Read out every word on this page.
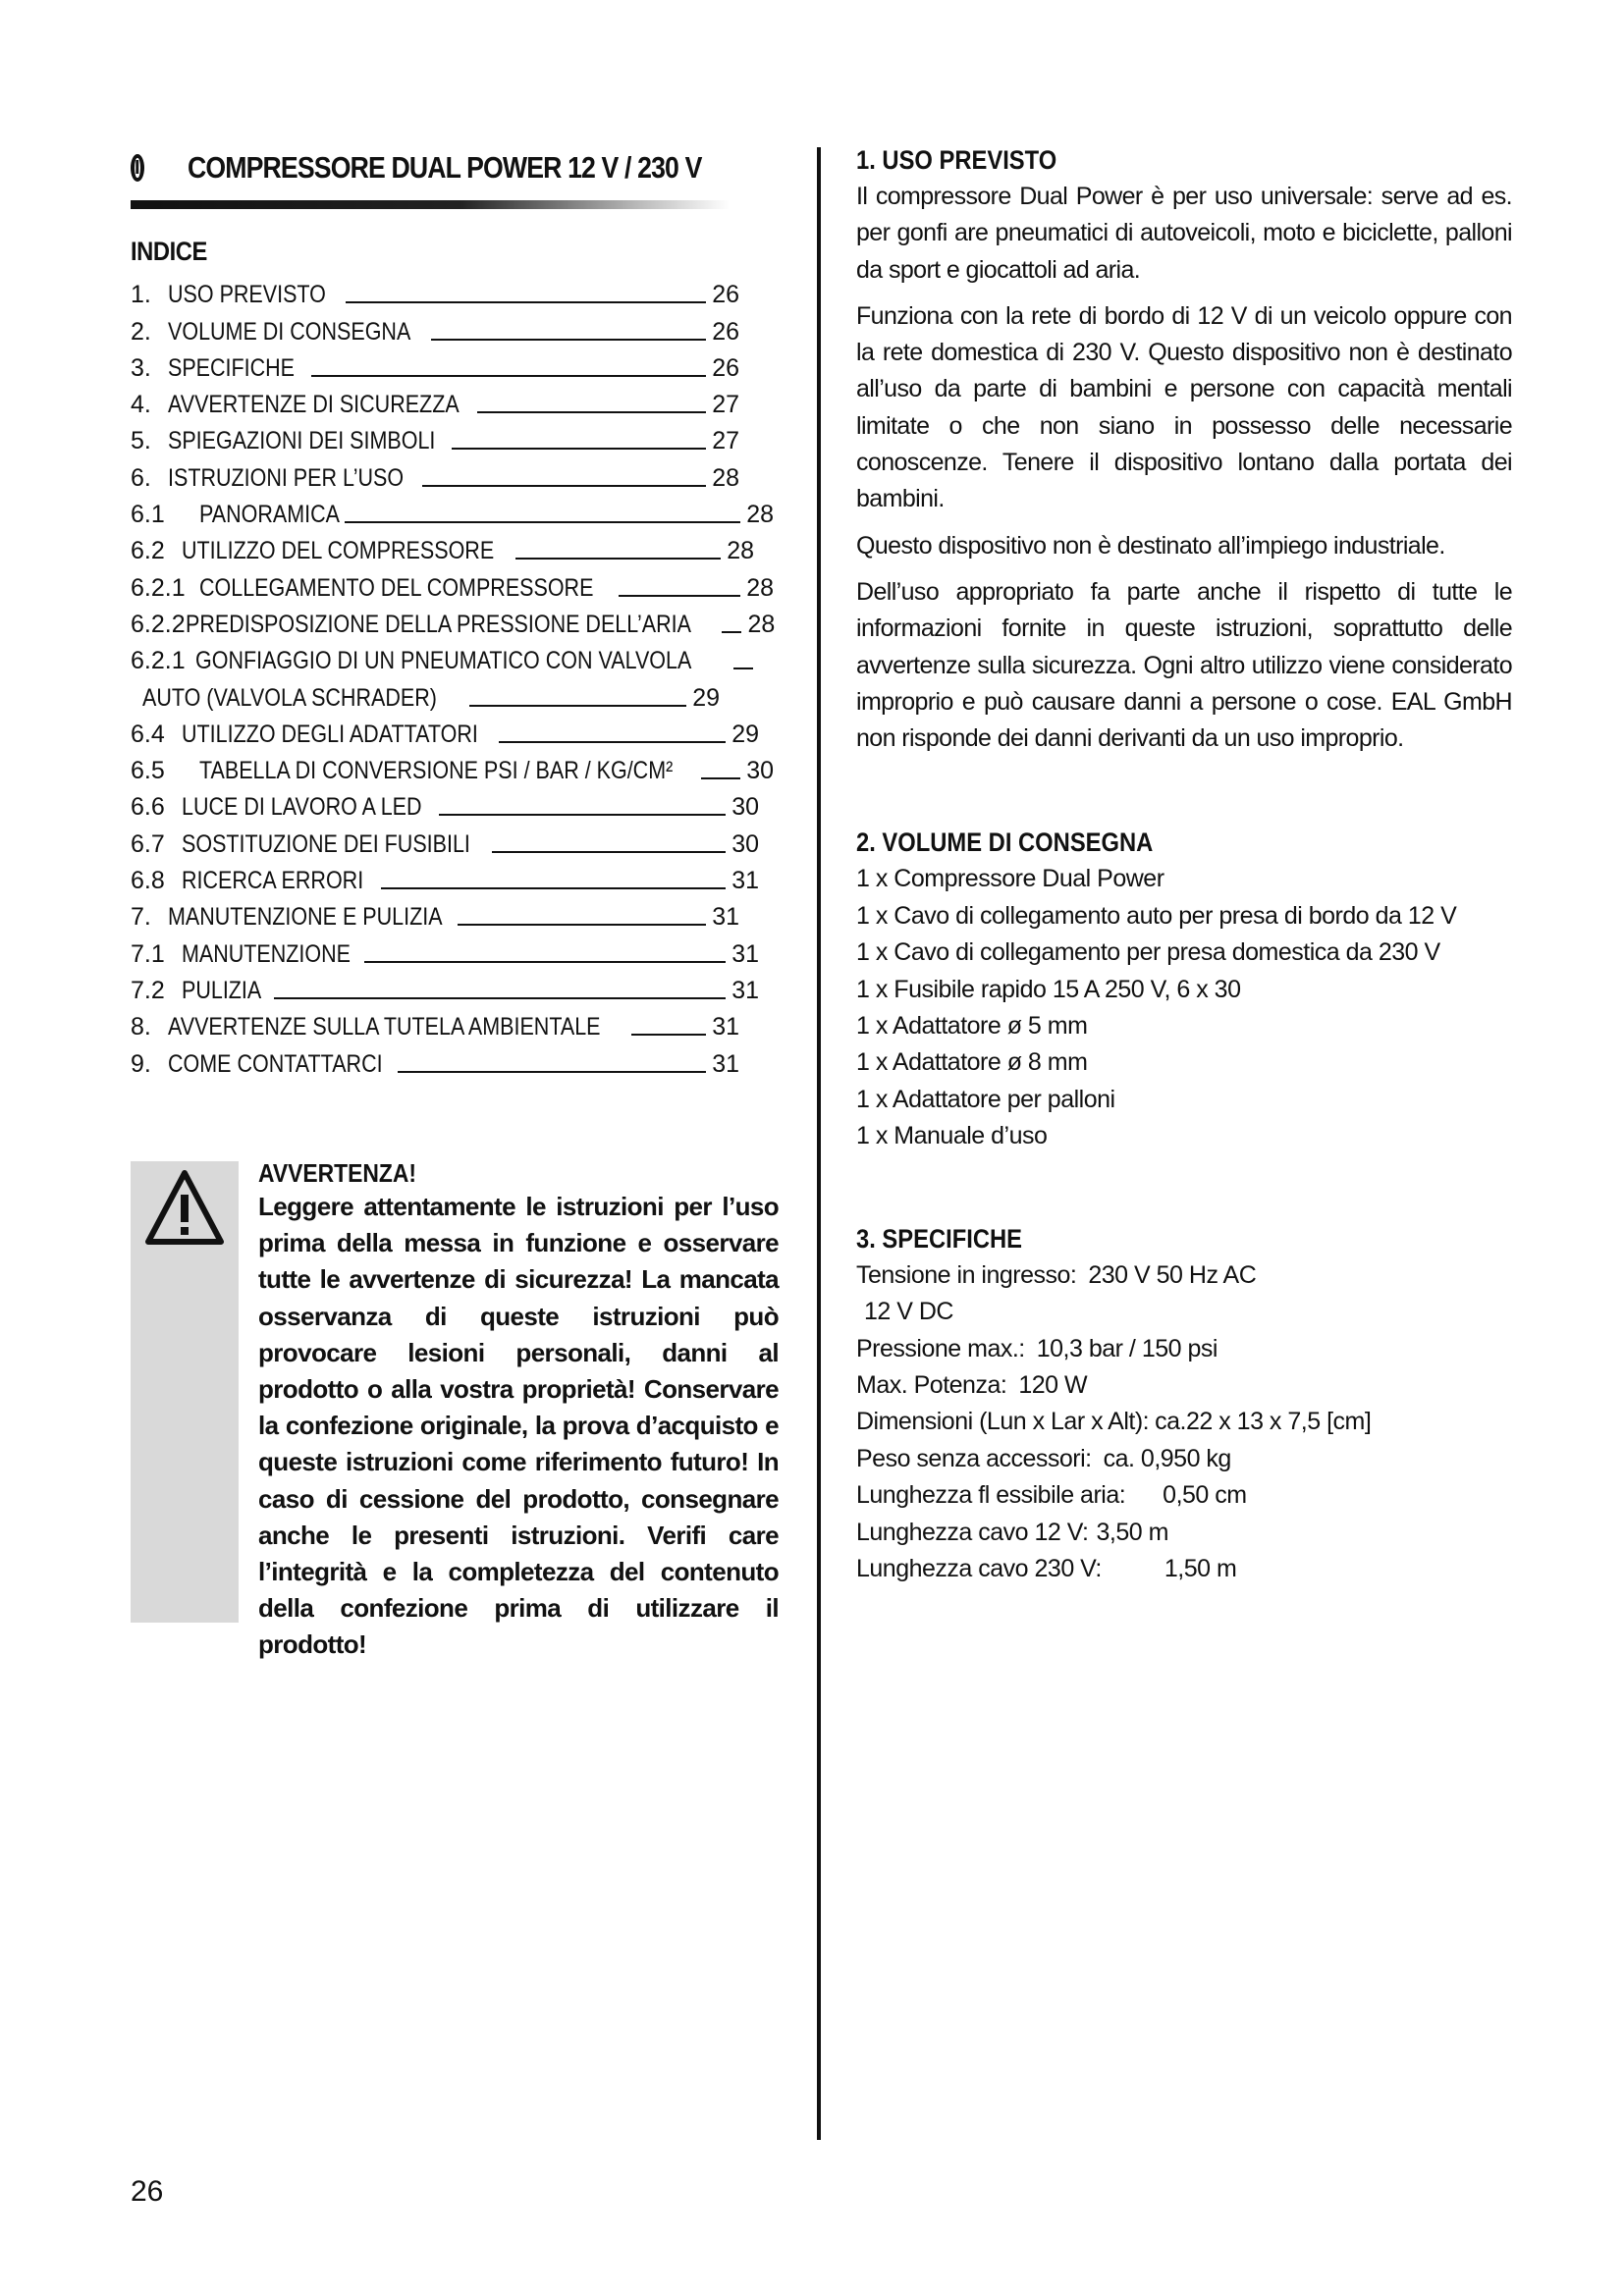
I COMPRESSORE DUAL POWER 12 V / 230 V
INDICE
1. USO PREVISTO	26
2. VOLUME DI CONSEGNA	26
3. SPECIFICHE	26
4. AVVERTENZE DI SICUREZZA	27
5. SPIEGAZIONI DEI SIMBOLI	27
6. ISTRUZIONI PER L’USO	28
6.1	PANORAMICA	28
6.2 UTILIZZO DEL COMPRESSORE	28
6.2.1 COLLEGAMENTO DEL COMPRESSORE	28
6.2.2 PREDISPOSIZIONE DELLA PRESSIONE DELL’ARIA 28
6.2.1 GONFIAGGIO DI UN PNEUMATICO CON VALVOLA
AUTO (VALVOLA SCHRADER)	29
6.4 UTILIZZO DEGLI ADATTATORI	29
6.5	TABELLA DI CONVERSIONE PSI / BAR / KG/CM²	30
6.6 LUCE DI LAVORO A LED	30
6.7 SOSTITUZIONE DEI FUSIBILI	30
6.8 RICERCA ERRORI	31
7. MANUTENZIONE E PULIZIA	31
7.1 MANUTENZIONE	31
7.2 PULIZIA	31
8. AVVERTENZE SULLA TUTELA AMBIENTALE	31
9. COME CONTATTARCI	31
AVVERTENZA!
Leggere attentamente le istruzioni per l’uso prima della messa in funzione e osservare tutte le avvertenze di sicurezza! La mancata osservanza di queste istruzioni può provocare lesioni personali, danni al prodotto o alla vostra proprietà! Conservare la confezione originale, la prova d’acquisto e queste istruzioni come riferimento futuro! In caso di cessione del prodotto, consegnare anche le presenti istruzioni. Verifi care l’integrità e la completezza del contenuto della confezione prima di utilizzare il prodotto!
1. USO PREVISTO

Il compressore Dual Power è per uso universale: serve ad es. per gonfi are pneumatici di autoveicoli, moto e biciclette, palloni da sport e giocattoli ad aria.

Funziona con la rete di bordo di 12 V di un veicolo oppure con la rete domestica di 230 V. Questo dispositivo non è destinato all’uso da parte di bambini e persone con capacità mentali limitate o che non siano in possesso delle necessarie conoscenze. Tenere il dispositivo lontano dalla portata dei bambini.

Questo dispositivo non è destinato all’impiego industriale.

Dell’uso appropriato fa parte anche il rispetto di tutte le informazioni fornite in queste istruzioni, soprattutto delle avvertenze sulla sicurezza. Ogni altro utilizzo viene considerato improprio e può causare danni a persone o cose. EAL GmbH non risponde dei danni derivanti da un uso improprio.

2. VOLUME DI CONSEGNA
1 x Compressore Dual Power
1 x Cavo di collegamento auto per presa di bordo da 12 V
1 x Cavo di collegamento per presa domestica da 230 V
1 x Fusibile rapido 15 A 250 V, 6 x 30
1 x Adattatore ø 5 mm
1 x Adattatore ø 8 mm
1 x Adattatore per palloni
1 x Manuale d’uso
3. SPECIFICHE
Tensione in ingresso: 230 V 50 Hz AC
12 V DC
Pressione max.: 10,3 bar / 150 psi
Max. Potenza: 120 W
Dimensioni (Lun x Lar x Alt): ca.22 x 13 x 7,5 [cm]
Peso senza accessori: ca. 0,950 kg
Lunghezza fl essibile aria: 0,50 cm
Lunghezza cavo 12 V: 3,50 m
Lunghezza cavo 230 V:	1,50 m
26
